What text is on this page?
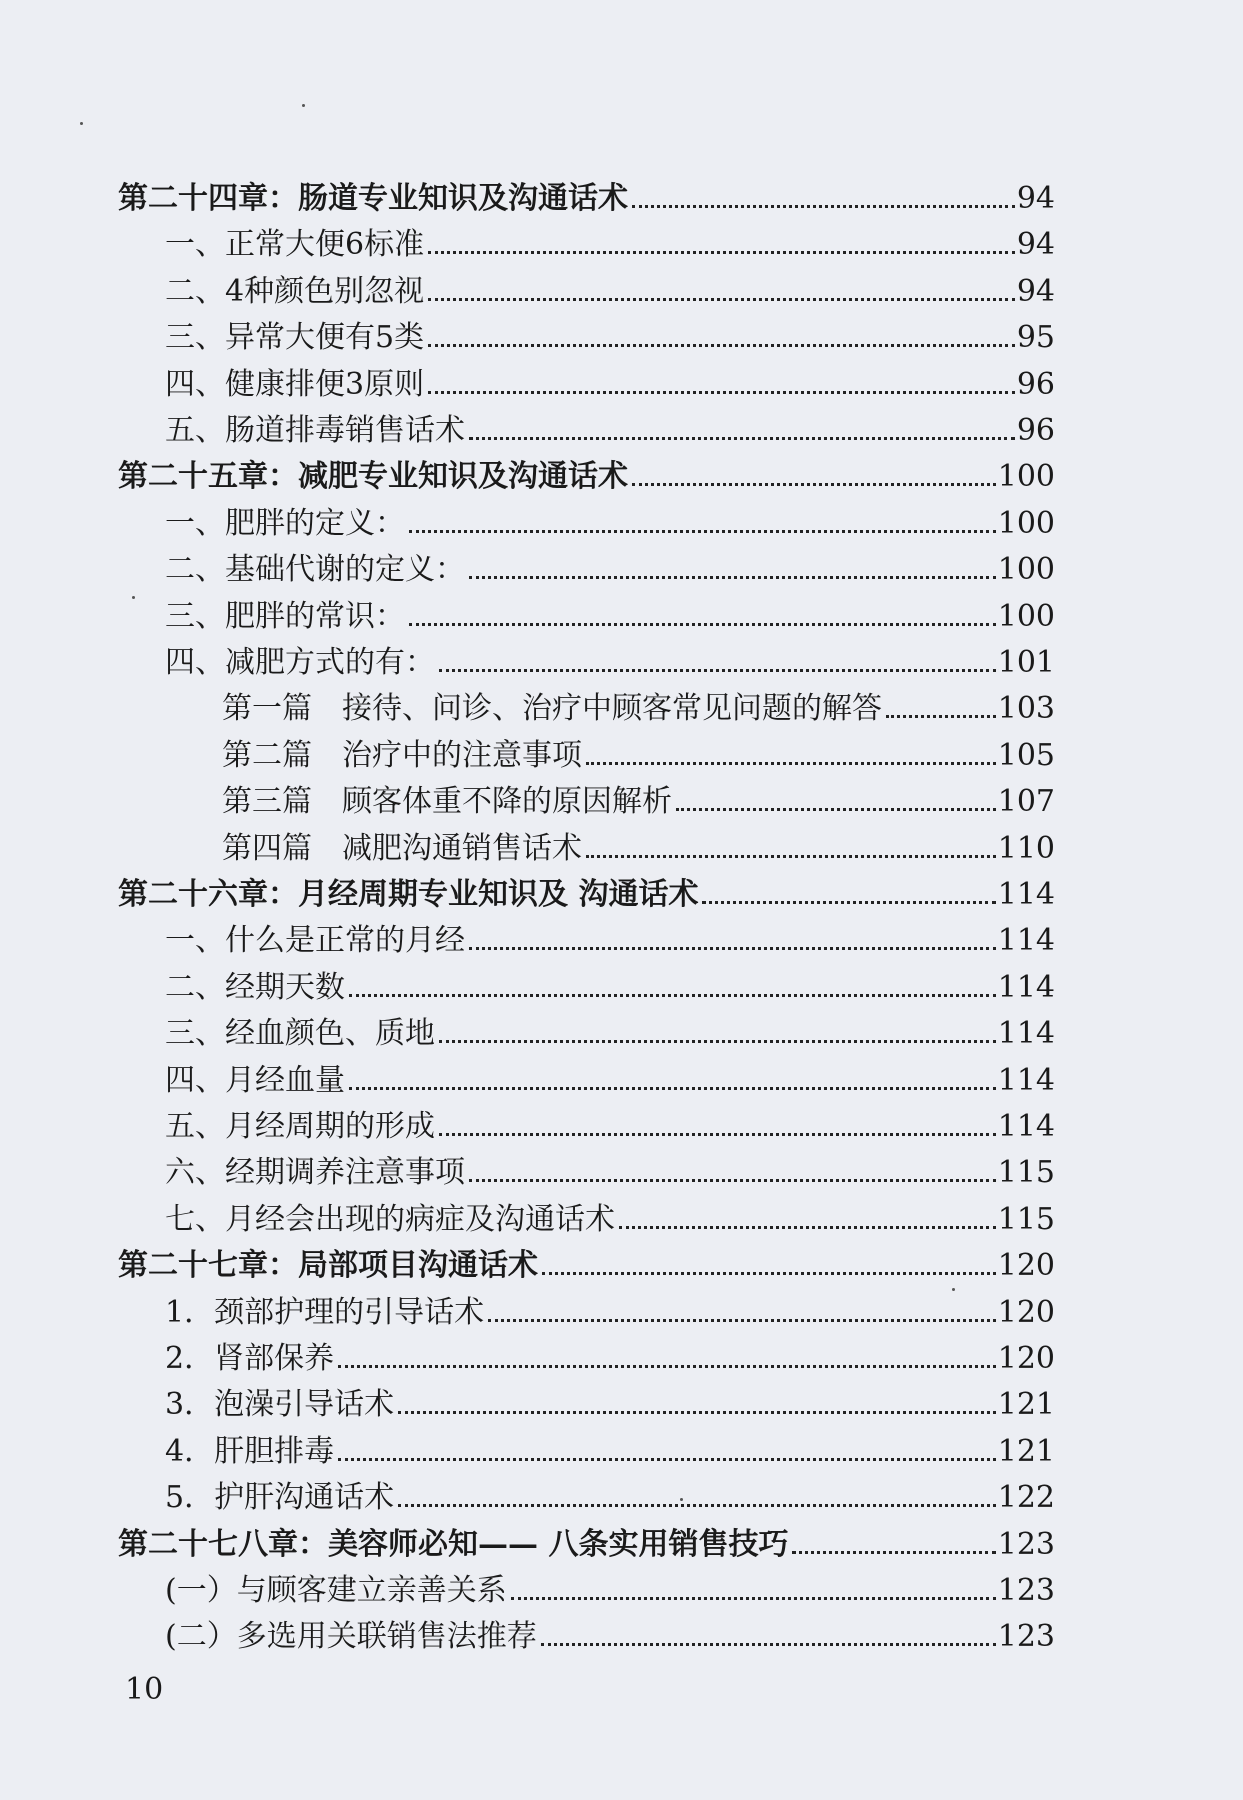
第二十四章：肠道专业知识及沟通话术	94
一、正常大便6标准	94
二、4种颜色别忽视	94
三、异常大便有5类	95
四、健康排便3原则	96
五、肠道排毒销售话术	96
第二十五章：减肥专业知识及沟通话术	100
一、肥胖的定义：	100
二、基础代谢的定义：	100
三、肥胖的常识：	100
四、减肥方式的有：	101
第一篇　接待、问诊、治疗中顾客常见问题的解答	103
第二篇　治疗中的注意事项	105
第三篇　顾客体重不降的原因解析	107
第四篇　减肥沟通销售话术	110
第二十六章：月经周期专业知识及 沟通话术	114
一、什么是正常的月经	114
二、经期天数	114
三、经血颜色、质地	114
四、月经血量	114
五、月经周期的形成	114
六、经期调养注意事项	115
七、月经会出现的病症及沟通话术	115
第二十七章：局部项目沟通话术	120
1．颈部护理的引导话术	120
2．肾部保养	120
3．泡澡引导话术	121
4．肝胆排毒	121
5．护肝沟通话术	122
第二十七八章：美容师必知—— 八条实用销售技巧	123
(一）与顾客建立亲善关系	123
(二）多选用关联销售法推荐	123
10
